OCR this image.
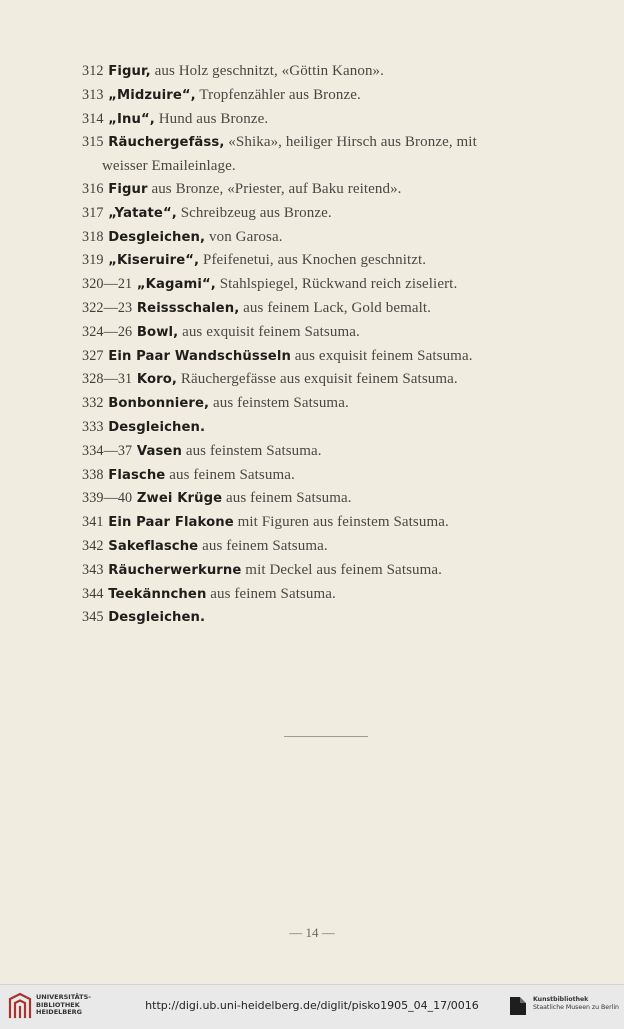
312 Figur, aus Holz geschnitzt, «Göttin Kanon».
313 „Midzuire“, Tropfenzähler aus Bronze.
314 „Inu“, Hund aus Bronze.
315 Räuchergefäss, «Shika», heiliger Hirsch aus Bronze, mit
weisser Emaileinlage.
316 Figur aus Bronze, «Priester, auf Baku reitend».
317 „Yatate“, Schreibzeug aus Bronze.
318 Desgleichen, von Garosa.
319 „Kiseruire“, Pfeifenetui, aus Knochen geschnitzt.
320—21 „Kagami“, Stahlspiegel, Rückwand reich ziseliert.
322—23 Reissschalen, aus feinem Lack, Gold bemalt.
324—26 Bowl, aus exquisit feinem Satsuma.
327 Ein Paar Wandschüsseln aus exquisit feinem Satsuma.
328—31 Koro, Räuchergefässe aus exquisit feinem Satsuma.
332 Bonbonniere, aus feinstem Satsuma.
333 Desgleichen.
334—37 Vasen aus feinstem Satsuma.
338 Flasche aus feinem Satsuma.
339—40 Zwei Krüge aus feinem Satsuma.
341 Ein Paar Flakone mit Figuren aus feinstem Satsuma.
342 Sakeflasche aus feinem Satsuma.
343 Räucherwerkurne mit Deckel aus feinem Satsuma.
344 Teekännchen aus feinem Satsuma.
345 Desgleichen.
— 14 —
UNIVERSITÄTS-
BIBLIOTHEK
HEIDELBERG
http://digi.ub.uni-heidelberg.de/diglit/pisko1905_04_17/0016	Kunstbibliothek
Staatliche Museen zu Berlin
